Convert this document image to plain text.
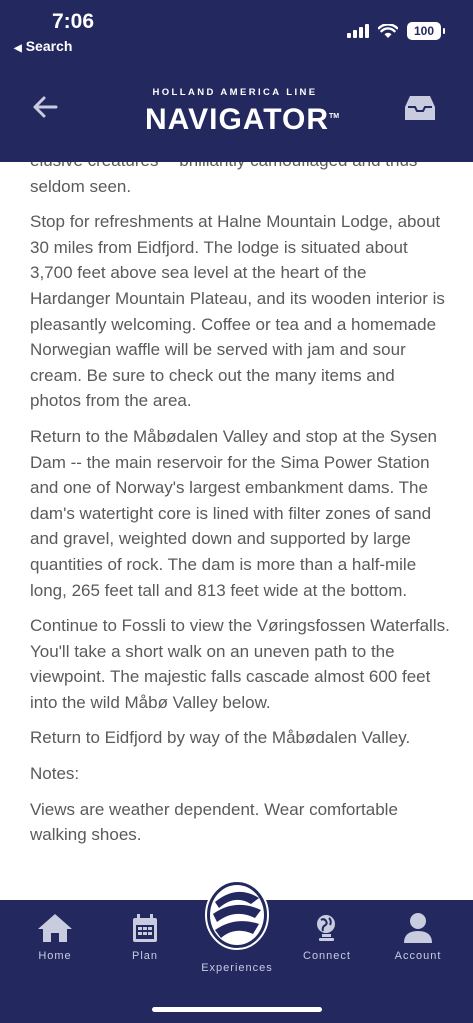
7:06
◀ Search
100
HOLLAND AMERICA LINE
NAVIGATOR™

seldom seen.

Stop for refreshments at Halne Mountain Lodge, about 30 miles from Eidfjord. The lodge is situated about 3,700 feet above sea level at the heart of the Hardanger Mountain Plateau, and its wooden interior is pleasantly welcoming. Coffee or tea and a homemade Norwegian waffle will be served with jam and sour cream. Be sure to check out the many items and photos from the area.

Return to the Måbødalen Valley and stop at the Sysen Dam -- the main reservoir for the Sima Power Station and one of Norway's largest embankment dams. The dam's watertight core is lined with filter zones of sand and gravel, weighted down and supported by large quantities of rock. The dam is more than a half-mile long, 265 feet tall and 813 feet wide at the bottom.

Continue to Fossli to view the Vøringsfossen Waterfalls. You'll take a short walk on an uneven path to the viewpoint. The majestic falls cascade almost 600 feet into the wild Måbø Valley below.

Return to Eidfjord by way of the Måbødalen Valley.

Notes:

Views are weather dependent. Wear comfortable walking shoes.

Home	Plan	Connect	Account
Experiences
